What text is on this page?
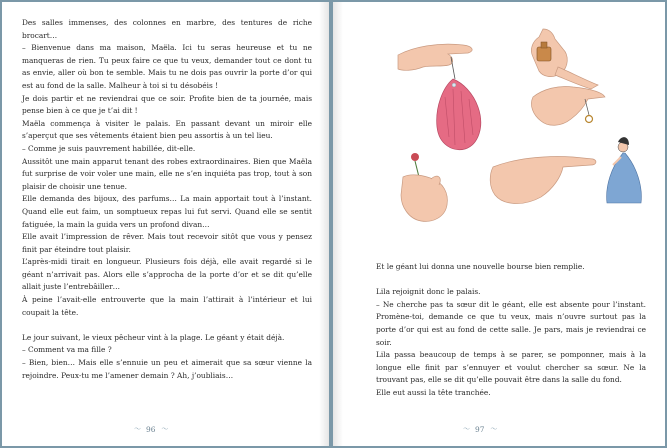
Des salles immenses, des colonnes en marbre, des tentures de riche brocart…

– Bienvenue dans ma maison, Maëla. Ici tu seras heureuse et tu ne manqueras de rien. Tu peux faire ce que tu veux, demander tout ce dont tu as envie, aller où bon te semble. Mais tu ne dois pas ouvrir la porte d’or qui est au fond de la salle. Malheur à toi si tu désobéis !

Je dois partir et ne reviendrai que ce soir. Profite bien de ta journée, mais pense bien à ce que je t’ai dit !

Maëla commença à visiter le palais. En passant devant un miroir elle s’aperçut que ses vêtements étaient bien peu assortis à un tel lieu.

– Comme je suis pauvrement habillée, dit-elle.

Aussitôt une main apparut tenant des robes extraordinaires. Bien que Maëla fut surprise de voir voler une main, elle ne s’en inquiéta pas trop, tout à son plaisir de choisir une tenue.

Elle demanda des bijoux, des parfums… La main apportait tout à l’instant. Quand elle eut faim, un somptueux repas lui fut servi. Quand elle se sentit fatiguée, la main la guida vers un profond divan…

Elle avait l’impression de rêver. Mais tout recevoir sitôt que vous y pensez finit par éteindre tout plaisir.

L’après-midi tirait en longueur. Plusieurs fois déjà, elle avait regardé si le géant n’arrivait pas. Alors elle s’approcha de la porte d’or et se dit qu’elle allait juste l’entrebâiller…

À peine l’avait-elle entrouverte que la main l’attirait à l’intérieur et lui coupait la tête.

Le jour suivant, le vieux pêcheur vint à la plage. Le géant y était déjà.

– Comment va ma fille ?

– Bien, bien… Mais elle s’ennuie un peu et aimerait que sa sœur vienne la rejoindre. Peux-tu me l’amener demain ? Ah, j’oubliais…

〜 96 〜

Et le géant lui donna une nouvelle bourse bien remplie.

Lila rejoignit donc le palais.

– Ne cherche pas ta sœur dit le géant, elle est absente pour l’instant. Promène-toi, demande ce que tu veux, mais n’ouvre surtout pas la porte d’or qui est au fond de cette salle. Je pars, mais je reviendrai ce soir.

Lila passa beaucoup de temps à se parer, se pomponner, mais à la longue elle finit par s’ennuyer et voulut chercher sa sœur. Ne la trouvant pas, elle se dit qu’elle pouvait être dans la salle du fond.

Elle eut aussi la tête tranchée.

〜 97 〜
